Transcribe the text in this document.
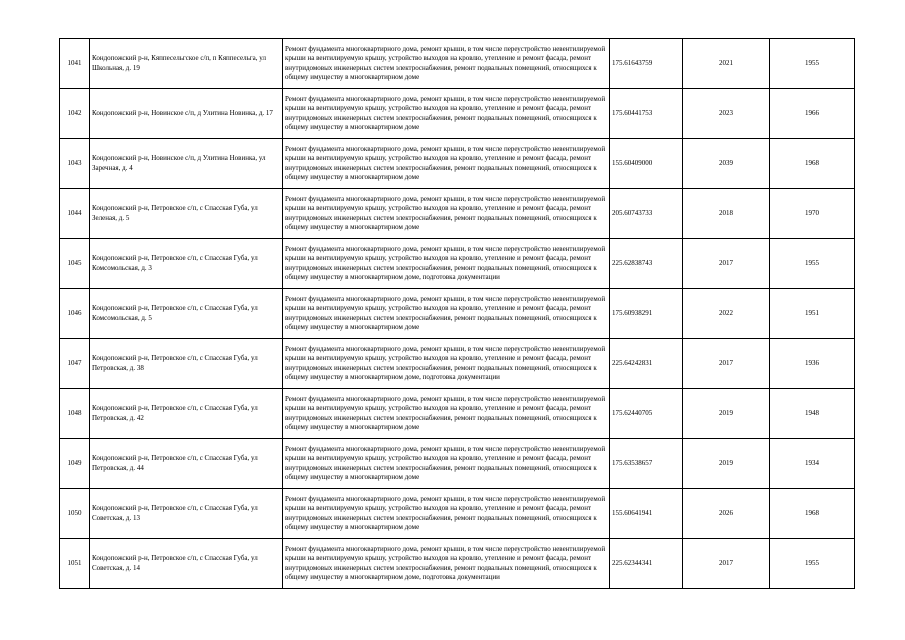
1041	Кондопожский р-н, Кяппесельгское с/п, п Кяппесельга, ул Школьная, д. 19	Ремонт фундамента многоквартирного дома, ремонт крыши, в том числе переустройство невентилируемой крыши на вентилируемую крышу, устройство выходов на кровлю, утепление и ремонт фасада, ремонт внутридомовых инженерных систем электроснабжения, ремонт подвальных помещений, относящихся к общему имуществу в многоквартирном доме	175.61643759	2021	1955
1042	Кондопожский р-н, Новинское с/п, д Улитина Новинка, д. 17	Ремонт фундамента многоквартирного дома, ремонт крыши, в том числе переустройство невентилируемой крыши на вентилируемую крышу, устройство выходов на кровлю, утепление и ремонт фасада, ремонт внутридомовых инженерных систем электроснабжения, ремонт подвальных помещений, относящихся к общему имуществу в многоквартирном доме	175.60441753	2023	1966
1043	Кондопожский р-н, Новинское с/п, д Улитина Новинка, ул Заречная, д. 4	Ремонт фундамента многоквартирного дома, ремонт крыши, в том числе переустройство невентилируемой крыши на вентилируемую крышу, устройство выходов на кровлю, утепление и ремонт фасада, ремонт внутридомовых инженерных систем электроснабжения, ремонт подвальных помещений, относящихся к общему имуществу в многоквартирном доме	155.60409000	2039	1968
1044	Кондопожский р-н, Петровское с/п, с Спасская Губа, ул Зеленая, д. 5	Ремонт фундамента многоквартирного дома, ремонт крыши, в том числе переустройство невентилируемой крыши на вентилируемую крышу, устройство выходов на кровлю, утепление и ремонт фасада, ремонт внутридомовых инженерных систем электроснабжения, ремонт подвальных помещений, относящихся к общему имуществу в многоквартирном доме	205.60743733	2018	1970
1045	Кондопожский р-н, Петровское с/п, с Спасская Губа, ул Комсомольская, д. 3	Ремонт фундамента многоквартирного дома, ремонт крыши, в том числе переустройство невентилируемой крыши на вентилируемую крышу, устройство выходов на кровлю, утепление и ремонт фасада, ремонт внутридомовых инженерных систем электроснабжения, ремонт подвальных помещений, относящихся к общему имуществу в многоквартирном доме, подготовка документации	225.62838743	2017	1955
1046	Кондопожский р-н, Петровское с/п, с Спасская Губа, ул Комсомольская, д. 5	Ремонт фундамента многоквартирного дома, ремонт крыши, в том числе переустройство невентилируемой крыши на вентилируемую крышу, устройство выходов на кровлю, утепление и ремонт фасада, ремонт внутридомовых инженерных систем электроснабжения, ремонт подвальных помещений, относящихся к общему имуществу в многоквартирном доме	175.60938291	2022	1951
1047	Кондопожский р-н, Петровское с/п, с Спасская Губа, ул Петровская, д. 38	Ремонт фундамента многоквартирного дома, ремонт крыши, в том числе переустройство невентилируемой крыши на вентилируемую крышу, устройство выходов на кровлю, утепление и ремонт фасада, ремонт внутридомовых инженерных систем электроснабжения, ремонт подвальных помещений, относящихся к общему имуществу в многоквартирном доме, подготовка документации	225.64242831	2017	1936
1048	Кондопожский р-н, Петровское с/п, с Спасская Губа, ул Петровская, д. 42	Ремонт фундамента многоквартирного дома, ремонт крыши, в том числе переустройство невентилируемой крыши на вентилируемую крышу, устройство выходов на кровлю, утепление и ремонт фасада, ремонт внутридомовых инженерных систем электроснабжения, ремонт подвальных помещений, относящихся к общему имуществу в многоквартирном доме	175.62440705	2019	1948
1049	Кондопожский р-н, Петровское с/п, с Спасская Губа, ул Петровская, д. 44	Ремонт фундамента многоквартирного дома, ремонт крыши, в том числе переустройство невентилируемой крыши на вентилируемую крышу, устройство выходов на кровлю, утепление и ремонт фасада, ремонт внутридомовых инженерных систем электроснабжения, ремонт подвальных помещений, относящихся к общему имуществу в многоквартирном доме	175.63538657	2019	1934
1050	Кондопожский р-н, Петровское с/п, с Спасская Губа, ул Советская, д. 13	Ремонт фундамента многоквартирного дома, ремонт крыши, в том числе переустройство невентилируемой крыши на вентилируемую крышу, устройство выходов на кровлю, утепление и ремонт фасада, ремонт внутридомовых инженерных систем электроснабжения, ремонт подвальных помещений, относящихся к общему имуществу в многоквартирном доме	155.60641941	2026	1968
1051	Кондопожский р-н, Петровское с/п, с Спасская Губа, ул Советская, д. 14	Ремонт фундамента многоквартирного дома, ремонт крыши, в том числе переустройство невентилируемой крыши на вентилируемую крышу, устройство выходов на кровлю, утепление и ремонт фасада, ремонт внутридомовых инженерных систем электроснабжения, ремонт подвальных помещений, относящихся к общему имуществу в многоквартирном доме, подготовка документации	225.62344341	2017	1955
